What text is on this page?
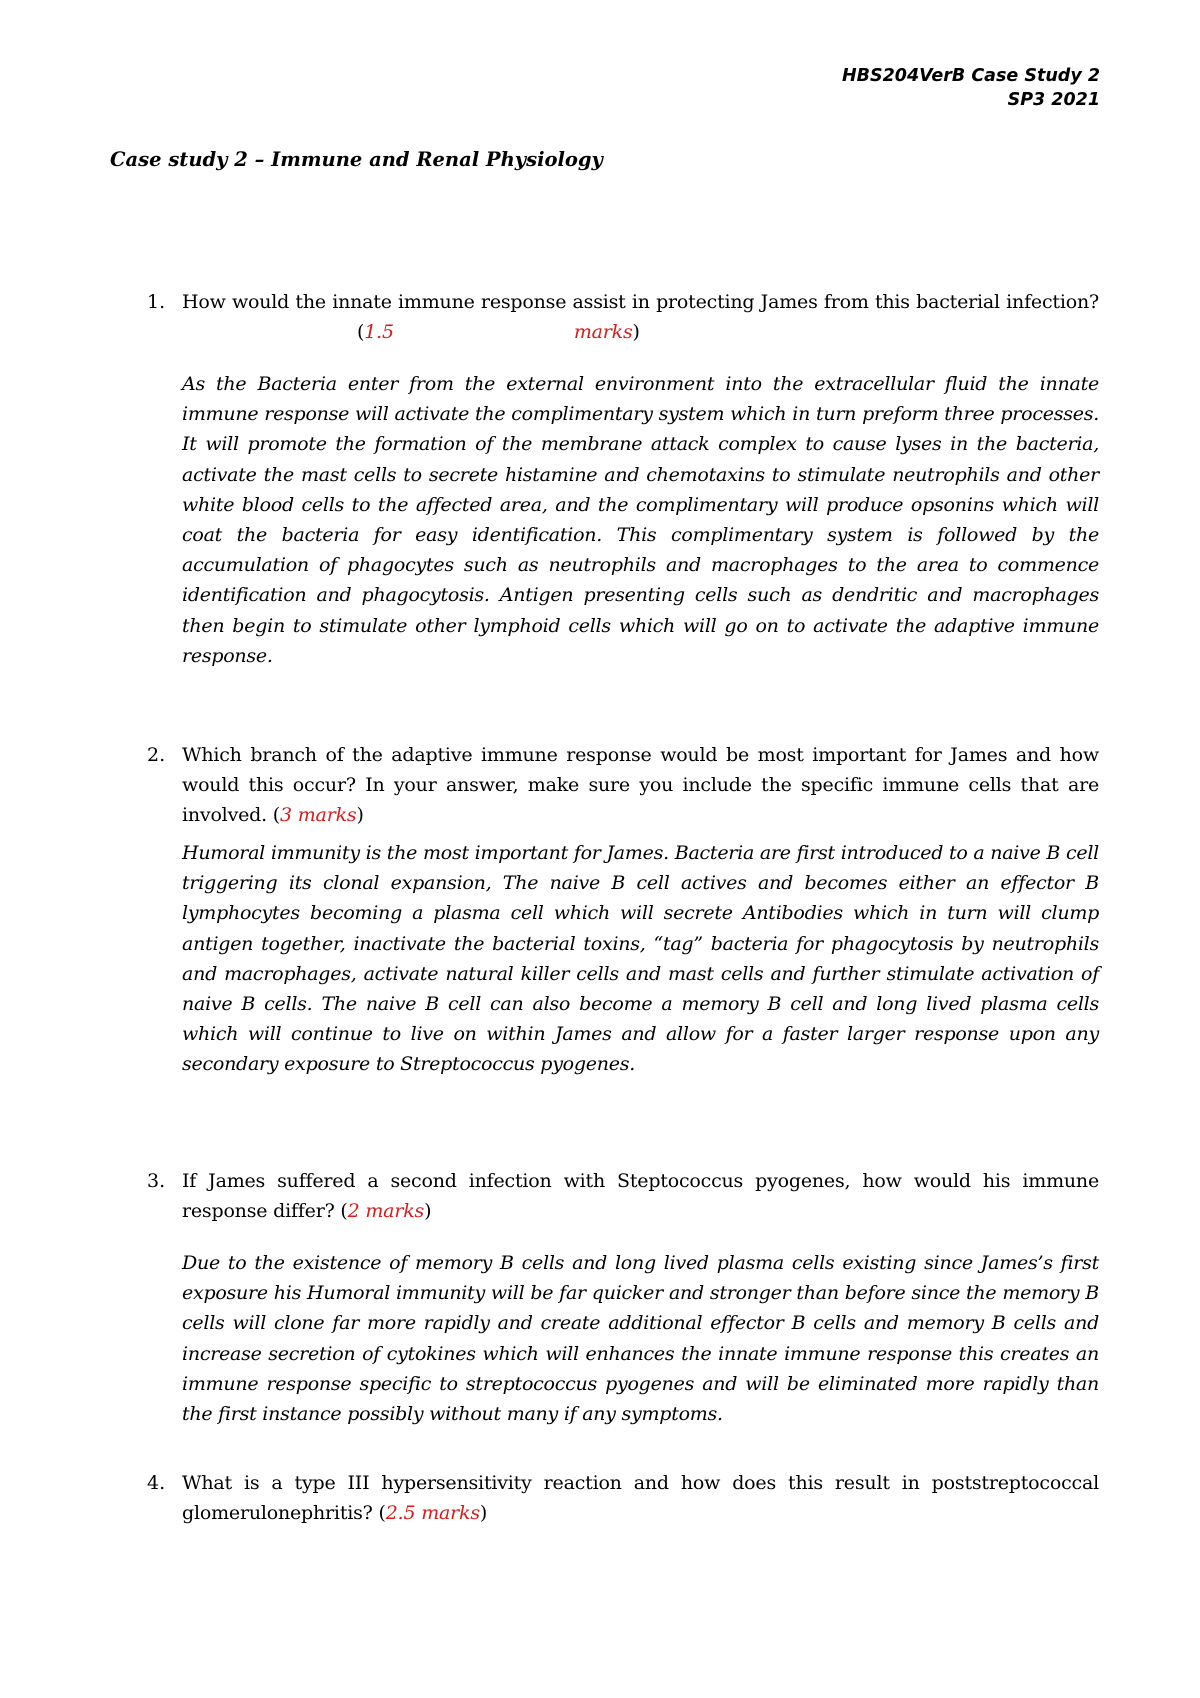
HBS204VerB Case Study 2
SP3 2021
Case study 2 – Immune and Renal Physiology
1. How would the innate immune response assist in protecting James from this bacterial infection?(1.5	marks)

As the Bacteria enter from the external environment into the extracellular fluid the innate immune response will activate the complimentary system which in turn preform three processes. It will promote the formation of the membrane attack complex to cause lyses in the bacteria, activate the mast cells to secrete histamine and chemotaxins to stimulate neutrophils and other white blood cells to the affected area, and the complimentary will produce opsonins which will coat the bacteria for easy identification. This complimentary system is followed by the accumulation of phagocytes such as neutrophils and macrophages to the area to commence identification and phagocytosis. Antigen presenting cells such as dendritic and macrophages then begin to stimulate other lymphoid cells which will go on to activate the adaptive immune response.

2. Which branch of the adaptive immune response would be most important for James and how would this occur? In your answer, make sure you include the specific immune cells that are involved. (3 marks)

Humoral immunity is the most important for James. Bacteria are first introduced to a naive B cell triggering its clonal expansion, The naive B cell actives and becomes either an effector B lymphocytes becoming a plasma cell which will secrete Antibodies which in turn will clump antigen together, inactivate the bacterial toxins, “tag” bacteria for phagocytosis by neutrophils and macrophages, activate natural killer cells and mast cells and further stimulate activation of naive B cells. The naive B cell can also become a memory B cell and long lived plasma cells which will continue to live on within James and allow for a faster larger response upon any secondary exposure to Streptococcus pyogenes.

3. If James suffered a second infection with Steptococcus pyogenes, how would his immune response differ? (2 marks)

Due to the existence of memory B cells and long lived plasma cells existing since James’s first exposure his Humoral immunity will be far quicker and stronger than before since the memory B cells will clone far more rapidly and create additional effector B cells and memory B cells and increase secretion of cytokines which will enhances the innate immune response this creates an immune response specific to streptococcus pyogenes and will be eliminated more rapidly than the first instance possibly without many if any symptoms.

4. What is a type III hypersensitivity reaction and how does this result in poststreptococcal glomerulonephritis? (2.5 marks)
